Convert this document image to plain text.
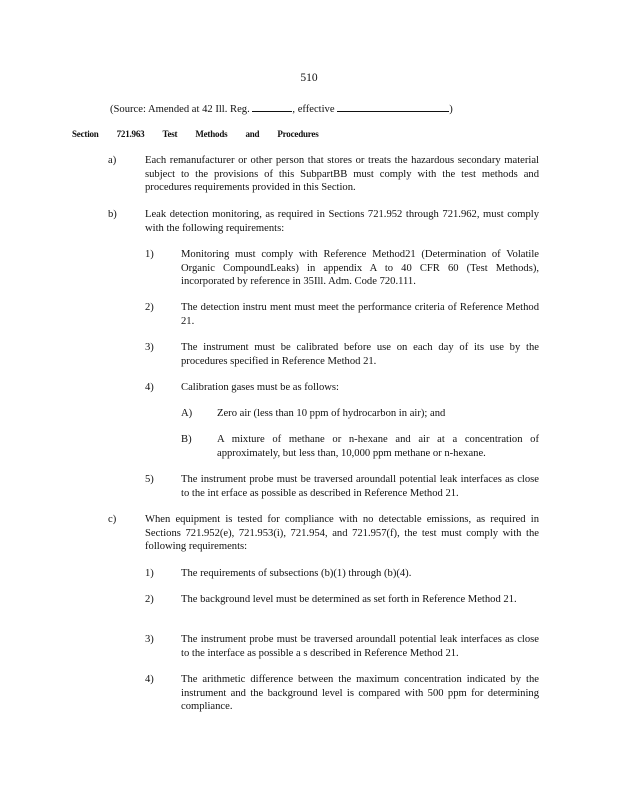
510
(Source: Amended at 42 Ill. Reg.	, effective	)
Section 721.963 Test Methods and Procedures
a)	Each remanufacturer or other person that stores or treats the hazardous secondary material subject to the provisions of this SubpartBB must comply with the test methods and procedures requirements provided in this Section.
b)	Leak detection monitoring, as required in Sections 721.952 through 721.962, must comply with the following requirements:
1)	Monitoring must comply with Reference Method21 (Determination of Volatile Organic CompoundLeaks) in appendix A to 40 CFR 60 (Test Methods), incorporated by reference in 35Ill. Adm. Code 720.111.
2)	The detection instru ment must meet the performance criteria of Reference Method 21.
3)	The instrument must be calibrated before use on each day of its use by the procedures specified in Reference Method 21.
4)	Calibration gases must be as follows:
A)	Zero air (less than 10 ppm of hydrocarbon in air); and
B)	A mixture of methane or n-hexane and air at a concentration of approximately, but less than, 10,000 ppm methane or n-hexane.
5)	The instrument probe must be traversed aroundall potential leak interfaces as close to the int erface as possible as described in Reference Method 21.
c)	When equipment is tested for compliance with no detectable emissions, as required in Sections 721.952(e), 721.953(i), 721.954, and 721.957(f), the test must comply with the following requirements:
1)	The requirements of subsections (b)(1) through (b)(4).
2)	The background level must be determined as set forth in Reference Method 21.
3)	The instrument probe must be traversed aroundall potential leak interfaces as close to the interface as possible a s described in Reference Method 21.
4)	The arithmetic difference between the maximum concentration indicated by the instrument and the background level is compared with 500 ppm for determining compliance.
